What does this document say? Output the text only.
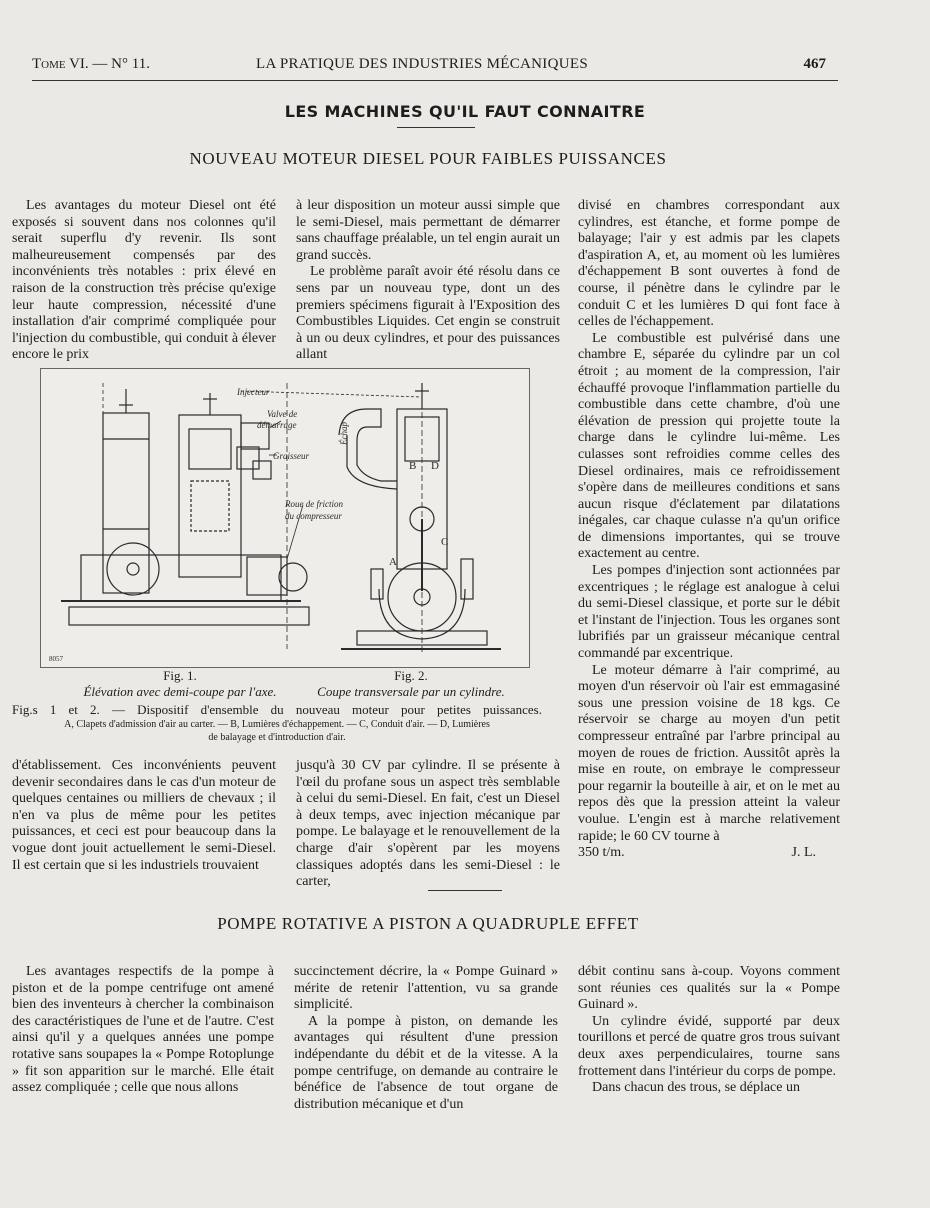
Tome VI. — N° 11.	LA PRATIQUE DES INDUSTRIES MÉCANIQUES	467
LES MACHINES QU'IL FAUT CONNAITRE
NOUVEAU MOTEUR DIESEL POUR FAIBLES PUISSANCES

Les avantages du moteur Diesel ont été exposés si souvent dans nos colonnes qu'il serait superflu d'y revenir. Ils sont malheureusement compensés par des inconvénients très notables : prix élevé en raison de la construction très précise qu'exige leur haute compression, nécessité d'une installation d'air comprimé compliquée pour l'injection du combustible, qui conduit à élever encore le prix

à leur disposition un moteur aussi simple que le semi-Diesel, mais permettant de démarrer sans chauffage préalable, un tel engin aurait un grand succès.

Le problème paraît avoir été résolu dans ce sens par un nouveau type, dont un des premiers spécimens figurait à l'Exposition des Combustibles Liquides. Cet engin se construit à un ou deux cylindres, et pour des puissances allant

divisé en chambres correspondant aux cylindres, est étanche, et forme pompe de balayage; l'air y est admis par les clapets d'aspiration A, et, au moment où les lumières d'échappement B sont ouvertes à fond de course, il pénètre dans le cylindre par le conduit C et les lumières D qui font face à celles de l'échappement.

Le combustible est pulvérisé dans une chambre E, séparée du cylindre par un col étroit ; au moment de la compression, l'air échauffé provoque l'inflammation partielle du combustible dans cette chambre, d'où une élévation de pression qui projette toute la charge dans le cylindre lui-même. Les culasses sont refroidies comme celles des Diesel ordinaires, mais ce refroidissement s'opère dans de meilleures conditions et sans aucun risque d'éclatement par dilatations inégales, car chaque culasse n'a qu'un orifice de dimensions importantes, qui se trouve exactement au centre.

Les pompes d'injection sont actionnées par excentriques ; le réglage est analogue à celui du semi-Diesel classique, et porte sur le débit et l'instant de l'injection. Tous les organes sont lubrifiés par un graisseur mécanique central commandé par excentrique.

Le moteur démarre à l'air comprimé, au moyen d'un réservoir où l'air est emmagasiné sous une pression voisine de 18 kgs. Ce réservoir se charge au moyen d'un petit compresseur entraîné par l'arbre principal au moyen de roues de friction. Aussitôt après la mise en route, on embraye le compresseur pour regarnir la bouteille à air, et on le met au repos dès que la pression atteint la valeur voulue. L'engin est à marche relativement rapide; le 60 CV tourne à

350 t/m.	J. L.
Injecteur
Valve de
démarrage
Graisseur
Roue de friction
du compresseur
Échap
B D
C
A
8057
Fig. 1.
Élévation avec demi-coupe par l'axe.
Fig. 2.
Coupe transversale par un cylindre.
Fig.s 1 et 2. — Dispositif d'ensemble du nouveau moteur pour petites puissances.
A, Clapets d'admission d'air au carter. — B, Lumières d'échappement. — C, Conduit d'air. — D, Lumières
de balayage et d'introduction d'air.

d'établissement. Ces inconvénients peuvent devenir secondaires dans le cas d'un moteur de quelques centaines ou milliers de chevaux ; il n'en va plus de même pour les petites puissances, et ceci est pour beaucoup dans la vogue dont jouit actuellement le semi-Diesel. Il est certain que si les industriels trouvaient

jusqu'à 30 CV par cylindre. Il se présente à l'œil du profane sous un aspect très semblable à celui du semi-Diesel. En fait, c'est un Diesel à deux temps, avec injection mécanique par pompe. Le balayage et le renouvellement de la charge d'air s'opèrent par les moyens classiques adoptés dans les semi-Diesel : le carter,

POMPE ROTATIVE A PISTON A QUADRUPLE EFFET

Les avantages respectifs de la pompe à piston et de la pompe centrifuge ont amené bien des inventeurs à chercher la combinaison des caractéristiques de l'une et de l'autre. C'est ainsi qu'il y a quelques années une pompe rotative sans soupapes la « Pompe Rotoplunge » fit son apparition sur le marché. Elle était assez compliquée ; celle que nous allons

succinctement décrire, la « Pompe Guinard » mérite de retenir l'attention, vu sa grande simplicité.

A la pompe à piston, on demande les avantages qui résultent d'une pression indépendante du débit et de la vitesse. A la pompe centrifuge, on demande au contraire le bénéfice de l'absence de tout organe de distribution mécanique et d'un

débit continu sans à-coup. Voyons comment sont réunies ces qualités sur la « Pompe Guinard ».

Un cylindre évidé, supporté par deux tourillons et percé de quatre gros trous suivant deux axes perpendiculaires, tourne sans frottement dans l'intérieur du corps de pompe.

Dans chacun des trous, se déplace un
